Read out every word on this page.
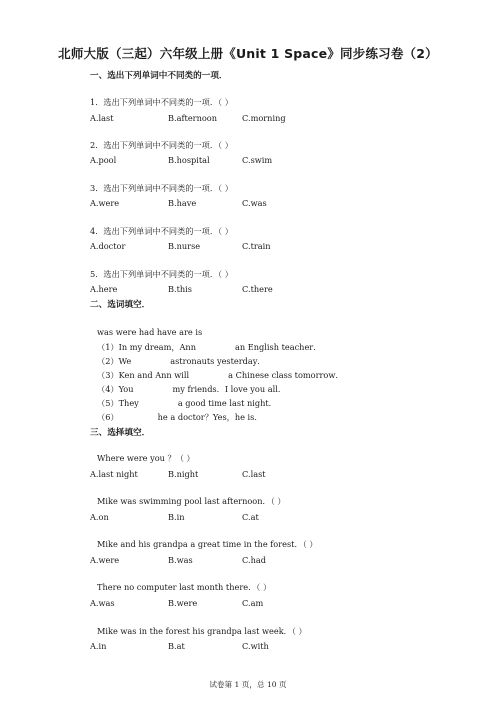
北师大版（三起）六年级上册《Unit 1 Space》同步练习卷（2）
一、选出下列单词中不同类的一项．
1．选出下列单词中不同类的一项．（ ）
A.last	B.afternoon	C.morning
2．选出下列单词中不同类的一项．（ ）
A.pool	B.hospital	C.swim
3．选出下列单词中不同类的一项．（ ）
A.were	B.have	C.was
4．选出下列单词中不同类的一项．（ ）
A.doctor	B.nurse	C.train
5．选出下列单词中不同类的一项．（ ）
A.here	B.this	C.there
二、选词填空．
was were had have are is
（1）In my dream，Ann               an English teacher．
（2）We               astronauts yesterday．
（3）Ken and Ann will               a Chinese class tomorrow．
（4）You               my friends．I love you all．
（5）They               a good time last night．
（6）               he a doctor？Yes，he is．
三、选择填空．
Where were you ？（ ）
A.last night	B.night	C.last
Mike was swimming pool last afternoon．（ ）
A.on	B.in	C.at
Mike and his grandpa a great time in the forest．（ ）
A.were	B.was	C.had
There no computer last month there．（ ）
A.was	B.were	C.am
Mike was in the forest his grandpa last week．（ ）
A.in	B.at	C.with
试卷第 1 页，总 10 页
